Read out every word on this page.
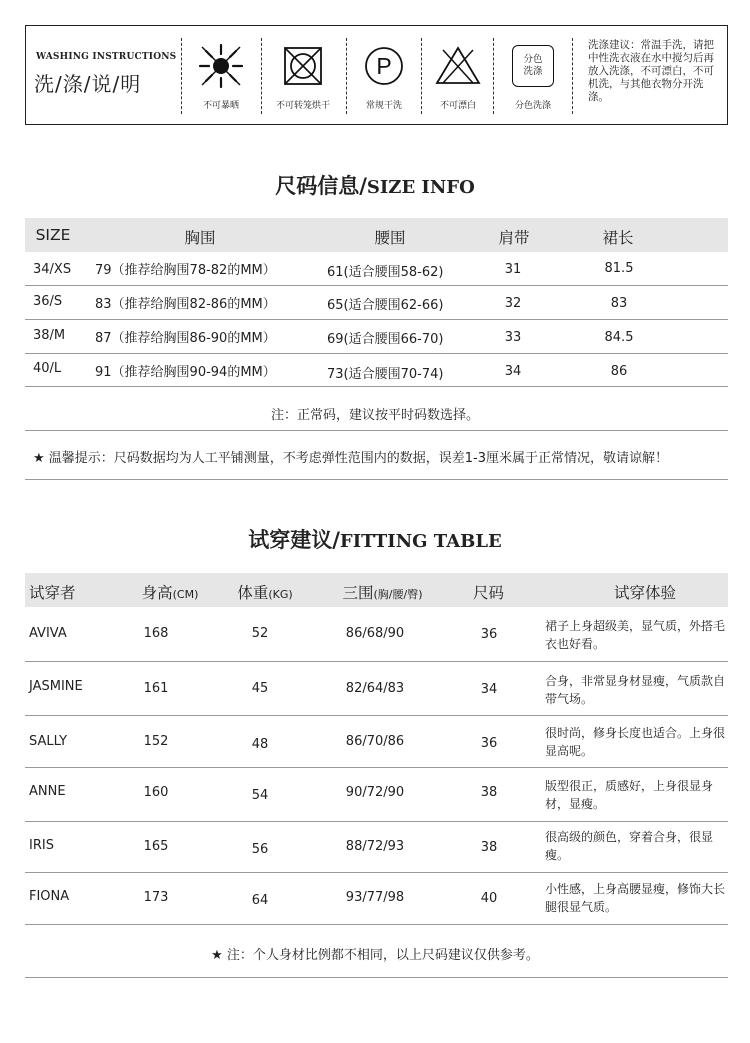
WASHING INSTRUCTIONS
洗/涤/说/明
不可暴晒	不可转笼烘干
P
常规干洗	不可漂白
分色
洗涤
分色洗涤
洗涤建议：常温手洗，请把中性洗衣液在水中搅匀后再放入洗涤，不可漂白，不可机洗，与其他衣物分开洗涤。
尺码信息/SIZE INFO
SIZE	胸围	腰围	肩带	裙长
34/XS 79（推荐给胸围78-82的MM）	61(适合腰围58-62)	31	81.5
36/S	83（推荐给胸围82-86的MM）	65(适合腰围62-66)	32	83
38/M 87（推荐给胸围86-90的MM）	69(适合腰围66-70)	33	84.5
40/L	91（推荐给胸围90-94的MM）	73(适合腰围70-74)	34	86
注：正常码，建议按平时码数选择。
★ 温馨提示：尺码数据均为人工平铺测量，不考虑弹性范围内的数据，误差1-3厘米属于正常情况，敬请谅解！
试穿建议/FITTING TABLE
试穿者	身高(CM)	体重(KG)	三围(胸/腰/臀)	尺码	试穿体验
AVIVA	168	52	86/68/90	36
裙子上身超级美，显气质，外搭毛衣也好看。
JASMINE	161	45	82/64/83	34
合身，非常显身材显瘦，气质款自带气场。
SALLY	152	48	86/70/86	36
很时尚，修身长度也适合。上身很显高呢。
ANNE	160	54	90/72/90	38	版型很正，质感好，上身很显身材，显瘦。
IRIS	165	56	88/72/93	38
很高级的颜色，穿着合身，很显瘦。
FIONA	173	64	93/77/98	40
小性感，上身高腰显瘦，修饰大长腿很显气质。
★ 注：个人身材比例都不相同，以上尺码建议仅供参考。
